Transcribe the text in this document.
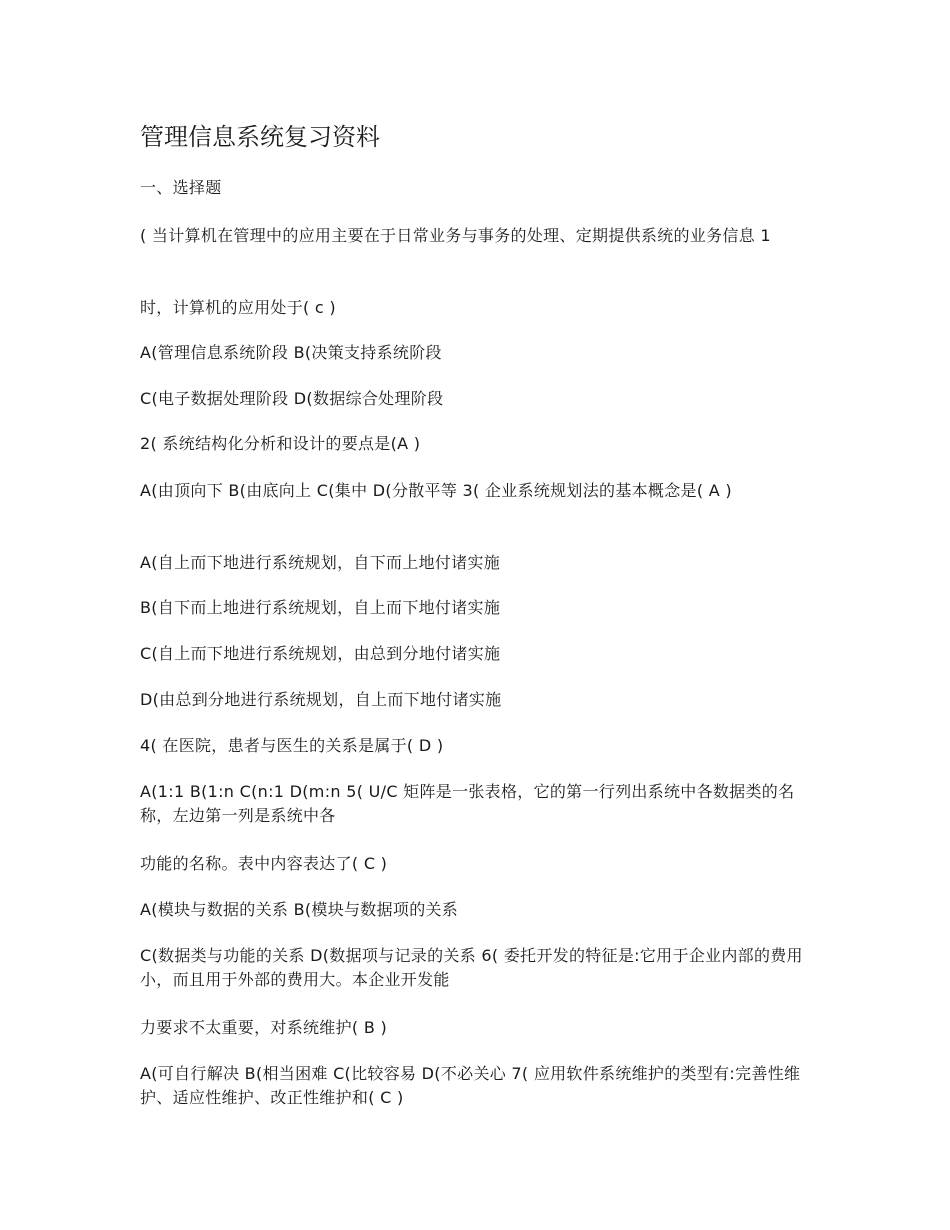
管理信息系统复习资料

一、选择题

( 当计算机在管理中的应用主要在于日常业务与事务的处理、定期提供系统的业务信息 1

时，计算机的应用处于( c )

A(管理信息系统阶段 B(决策支持系统阶段

C(电子数据处理阶段 D(数据综合处理阶段

2( 系统结构化分析和设计的要点是(A )

A(由顶向下 B(由底向上 C(集中 D(分散平等 3( 企业系统规划法的基本概念是( A )

A(自上而下地进行系统规划，自下而上地付诸实施

B(自下而上地进行系统规划，自上而下地付诸实施

C(自上而下地进行系统规划，由总到分地付诸实施

D(由总到分地进行系统规划，自上而下地付诸实施

4( 在医院，患者与医生的关系是属于( D )

A(1:1 B(1:n C(n:1 D(m:n 5( U/C 矩阵是一张表格，它的第一行列出系统中各数据类的名称，左边第一列是系统中各

功能的名称。表中内容表达了( C )

A(模块与数据的关系 B(模块与数据项的关系

C(数据类与功能的关系 D(数据项与记录的关系 6( 委托开发的特征是:它用于企业内部的费用小，而且用于外部的费用大。本企业开发能

力要求不太重要，对系统维护( B )

A(可自行解决 B(相当困难 C(比较容易 D(不必关心 7( 应用软件系统维护的类型有:完善性维护、适应性维护、改正性维护和( C )
